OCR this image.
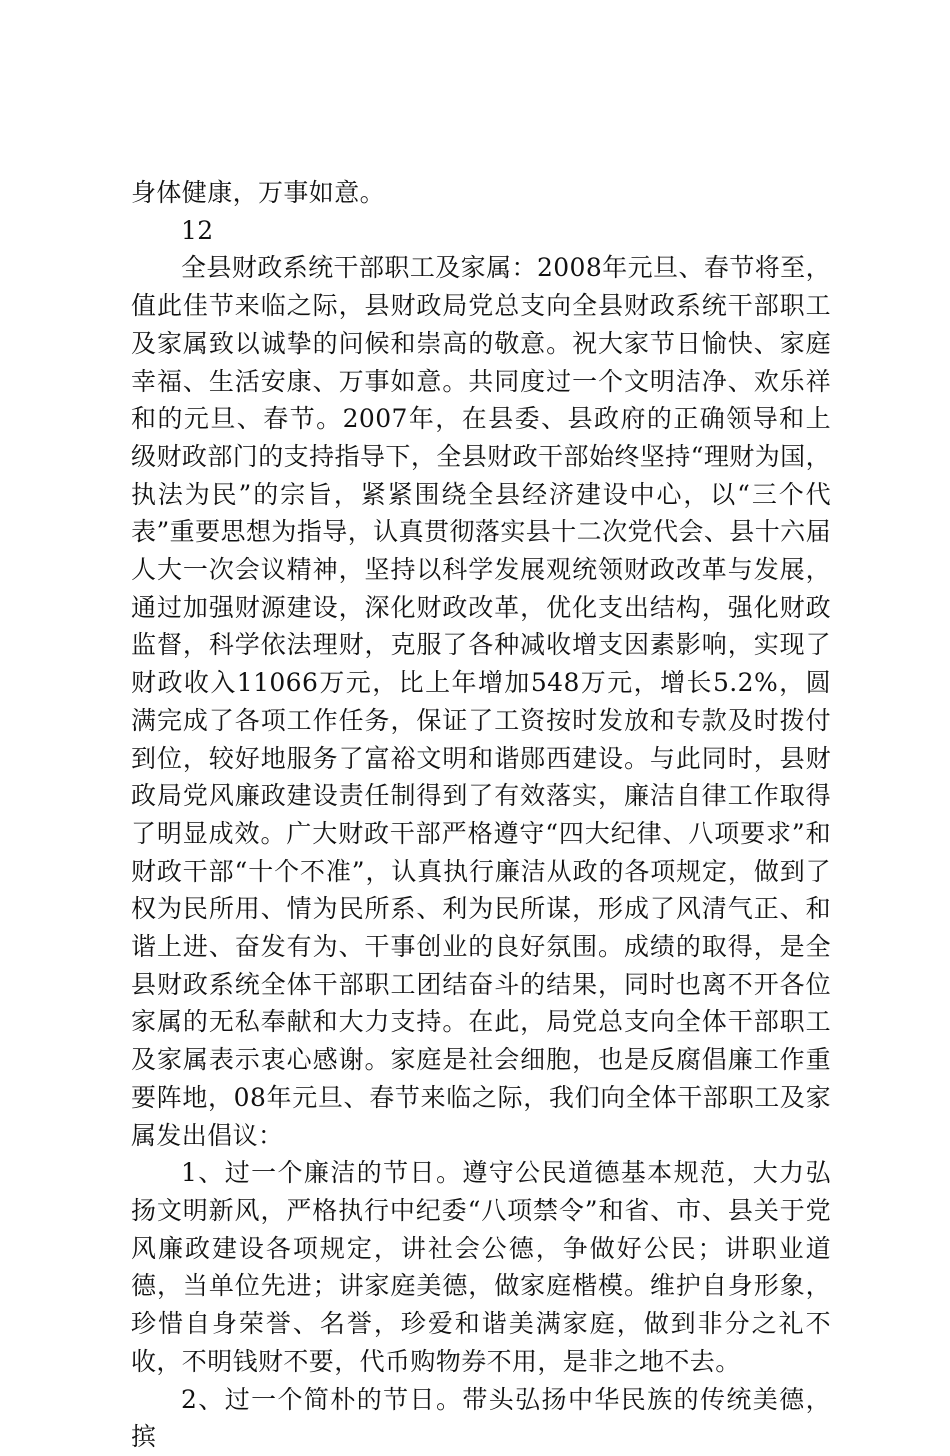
身体健康，万事如意。

12

全县财政系统干部职工及家属：2008年元旦、春节将至，值此佳节来临之际，县财政局党总支向全县财政系统干部职工及家属致以诚挚的问候和崇高的敬意。祝大家节日愉快、家庭幸福、生活安康、万事如意。共同度过一个文明洁净、欢乐祥和的元旦、春节。2007年，在县委、县政府的正确领导和上级财政部门的支持指导下，全县财政干部始终坚持“理财为国，执法为民”的宗旨，紧紧围绕全县经济建设中心，以“三个代表”重要思想为指导，认真贯彻落实县十二次党代会、县十六届人大一次会议精神，坚持以科学发展观统领财政改革与发展，通过加强财源建设，深化财政改革，优化支出结构，强化财政监督，科学依法理财，克服了各种减收增支因素影响，实现了财政收入11066万元，比上年增加548万元，增长5.2%，圆满完成了各项工作任务，保证了工资按时发放和专款及时拨付到位，较好地服务了富裕文明和谐郧西建设。与此同时，县财政局党风廉政建设责任制得到了有效落实，廉洁自律工作取得了明显成效。广大财政干部严格遵守“四大纪律、八项要求”和财政干部“十个不准”，认真执行廉洁从政的各项规定，做到了权为民所用、情为民所系、利为民所谋，形成了风清气正、和谐上进、奋发有为、干事创业的良好氛围。成绩的取得，是全县财政系统全体干部职工团结奋斗的结果，同时也离不开各位家属的无私奉献和大力支持。在此，局党总支向全体干部职工及家属表示衷心感谢。家庭是社会细胞，也是反腐倡廉工作重要阵地，08年元旦、春节来临之际，我们向全体干部职工及家属发出倡议：

1、过一个廉洁的节日。遵守公民道德基本规范，大力弘扬文明新风，严格执行中纪委“八项禁令”和省、市、县关于党风廉政建设各项规定，讲社会公德，争做好公民；讲职业道德，当单位先进；讲家庭美德，做家庭楷模。维护自身形象，珍惜自身荣誉、名誉，珍爱和谐美满家庭，做到非分之礼不收，不明钱财不要，代币购物券不用，是非之地不去。

2、过一个简朴的节日。带头弘扬中华民族的传统美德，摈
